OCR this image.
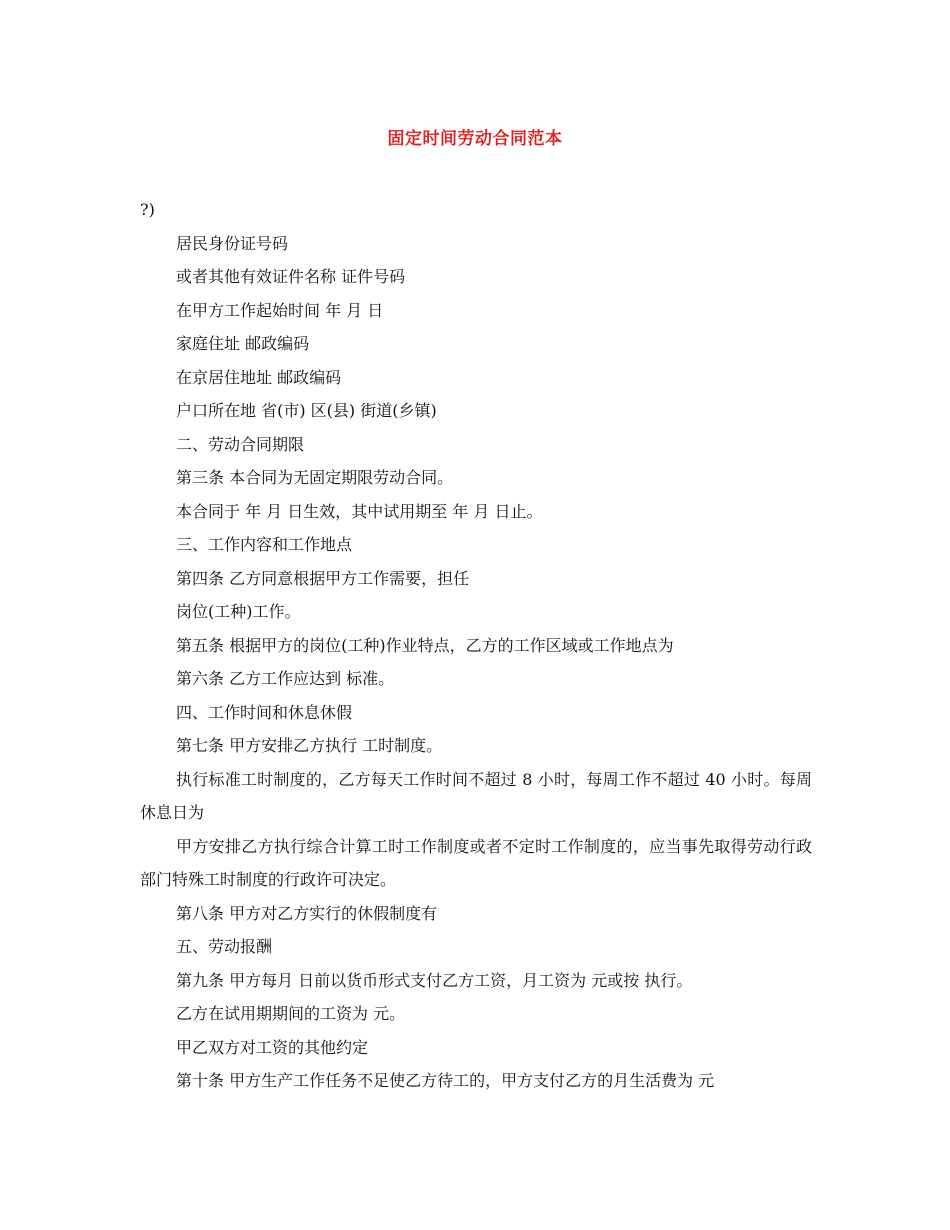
固定时间劳动合同范本
?)
居民身份证号码
或者其他有效证件名称 证件号码
在甲方工作起始时间 年 月 日
家庭住址 邮政编码
在京居住地址 邮政编码
户口所在地 省(市) 区(县) 街道(乡镇)
二、劳动合同期限
第三条 本合同为无固定期限劳动合同。
本合同于 年 月 日生效，其中试用期至 年 月 日止。
三、工作内容和工作地点
第四条 乙方同意根据甲方工作需要，担任
岗位(工种)工作。
第五条 根据甲方的岗位(工种)作业特点，乙方的工作区域或工作地点为
第六条 乙方工作应达到 标准。
四、工作时间和休息休假
第七条 甲方安排乙方执行 工时制度。
执行标准工时制度的，乙方每天工作时间不超过 8 小时，每周工作不超过 40 小时。每周休息日为
甲方安排乙方执行综合计算工时工作制度或者不定时工作制度的，应当事先取得劳动行政部门特殊工时制度的行政许可决定。
第八条 甲方对乙方实行的休假制度有
五、劳动报酬
第九条 甲方每月 日前以货币形式支付乙方工资，月工资为 元或按 执行。
乙方在试用期期间的工资为 元。
甲乙双方对工资的其他约定
第十条 甲方生产工作任务不足使乙方待工的，甲方支付乙方的月生活费为 元
